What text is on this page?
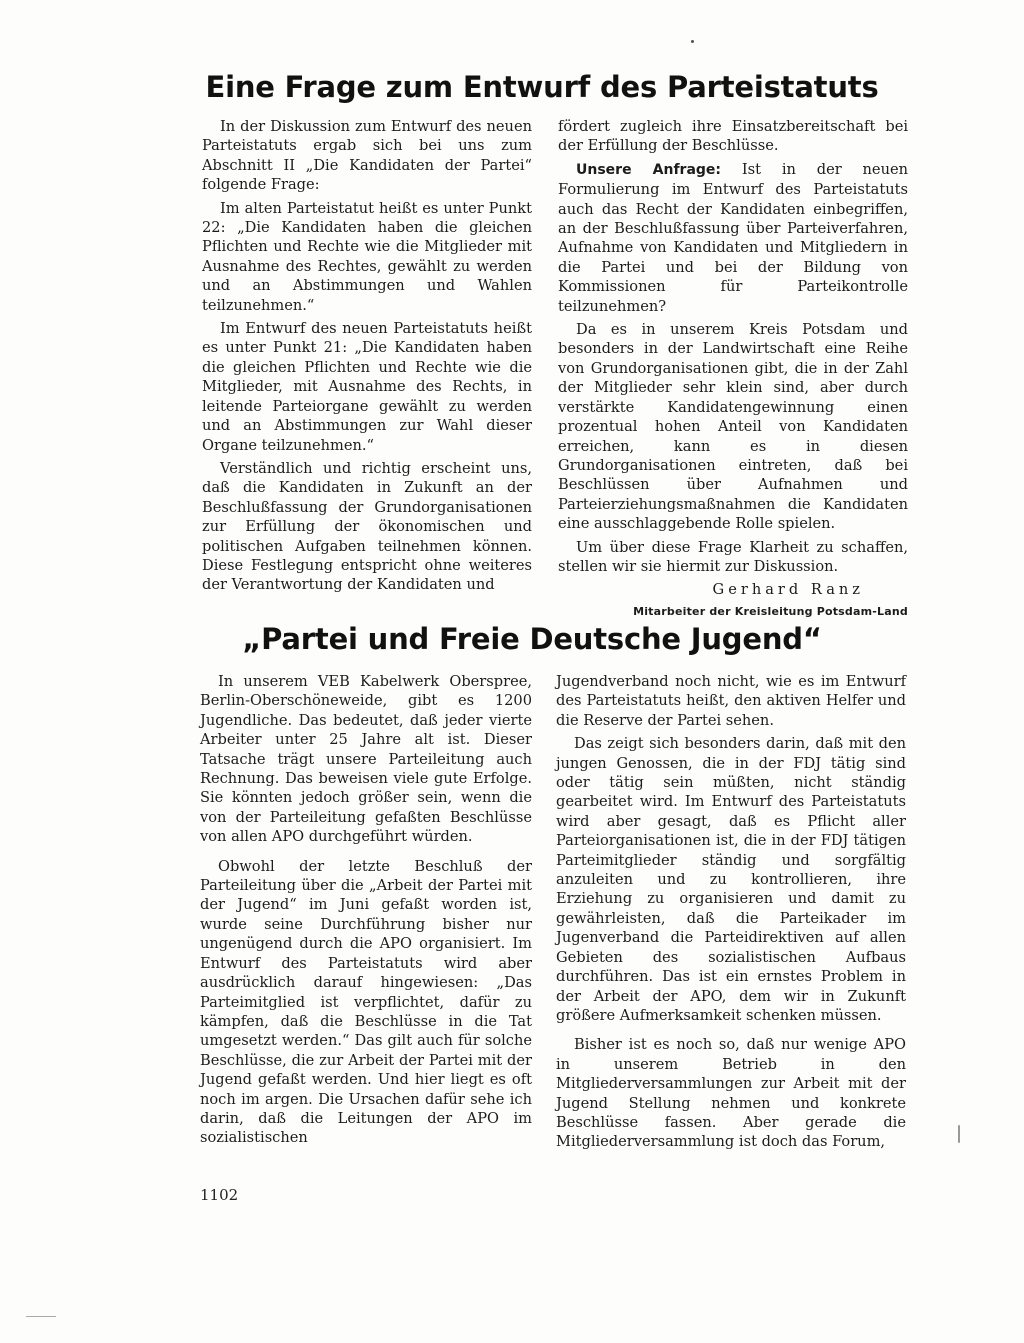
Eine Frage zum Entwurf des Parteistatuts

In der Diskussion zum Entwurf des neuen Parteistatuts ergab sich bei uns zum Abschnitt II „Die Kandidaten der Partei“ folgende Frage:

Im alten Parteistatut heißt es unter Punkt 22: „Die Kandidaten haben die gleichen Pflichten und Rechte wie die Mitglieder mit Ausnahme des Rechtes, gewählt zu werden und an Abstimmungen und Wahlen teilzunehmen.“

Im Entwurf des neuen Parteistatuts heißt es unter Punkt 21: „Die Kandidaten haben die gleichen Pflichten und Rechte wie die Mitglieder, mit Ausnahme des Rechts, in leitende Parteiorgane gewählt zu werden und an Abstimmungen zur Wahl dieser Organe teilzunehmen.“

Verständlich und richtig erscheint uns, daß die Kandidaten in Zukunft an der Beschlußfassung der Grundorganisationen zur Erfüllung der ökonomischen und politischen Aufgaben teilnehmen können. Diese Festlegung entspricht ohne weiteres der Verantwortung der Kandidaten und

fördert zugleich ihre Einsatzbereitschaft bei der Erfüllung der Beschlüsse.

Unsere Anfrage: Ist in der neuen Formulierung im Entwurf des Parteistatuts auch das Recht der Kandidaten einbegriffen, an der Beschlußfassung über Parteiverfahren, Aufnahme von Kandidaten und Mitgliedern in die Partei und bei der Bildung von Kommissionen für Parteikontrolle teilzunehmen?

Da es in unserem Kreis Potsdam und besonders in der Landwirtschaft eine Reihe von Grundorganisationen gibt, die in der Zahl der Mitglieder sehr klein sind, aber durch verstärkte Kandidatengewinnung einen prozentual hohen Anteil von Kandidaten erreichen, kann es in diesen Grundorganisationen eintreten, daß bei Beschlüssen über Aufnahmen und Parteierziehungsmaßnahmen die Kandidaten eine ausschlaggebende Rolle spielen.

Um über diese Frage Klarheit zu schaffen, stellen wir sie hiermit zur Diskussion.

Gerhard Ranz
Mitarbeiter der Kreisleitung Potsdam-Land
„Partei und Freie Deutsche Jugend“

In unserem VEB Kabelwerk Oberspree, Berlin-Oberschöneweide, gibt es 1200 Jugendliche. Das bedeutet, daß jeder vierte Arbeiter unter 25 Jahre alt ist. Dieser Tatsache trägt unsere Parteileitung auch Rechnung. Das beweisen viele gute Erfolge. Sie könnten jedoch größer sein, wenn die von der Parteileitung gefaßten Beschlüsse von allen APO durchgeführt würden.

Obwohl der letzte Beschluß der Parteileitung über die „Arbeit der Partei mit der Jugend“ im Juni gefaßt worden ist, wurde seine Durchführung bisher nur ungenügend durch die APO organisiert. Im Entwurf des Parteistatuts wird aber ausdrücklich darauf hingewiesen: „Das Parteimitglied ist verpflichtet, dafür zu kämpfen, daß die Beschlüsse in die Tat umgesetzt werden.“ Das gilt auch für solche Beschlüsse, die zur Arbeit der Partei mit der Jugend gefaßt werden. Und hier liegt es oft noch im argen. Die Ursachen dafür sehe ich darin, daß die Leitungen der APO im sozialistischen

Jugendverband noch nicht, wie es im Entwurf des Parteistatuts heißt, den aktiven Helfer und die Reserve der Partei sehen.

Das zeigt sich besonders darin, daß mit den jungen Genossen, die in der FDJ tätig sind oder tätig sein müßten, nicht ständig gearbeitet wird. Im Entwurf des Parteistatuts wird aber gesagt, daß es Pflicht aller Parteiorganisationen ist, die in der FDJ tätigen Parteimitglieder ständig und sorgfältig anzuleiten und zu kontrollieren, ihre Erziehung zu organisieren und damit zu gewährleisten, daß die Parteikader im Jugenverband die Parteidirektiven auf allen Gebieten des sozialistischen Aufbaus durchführen. Das ist ein ernstes Problem in der Arbeit der APO, dem wir in Zukunft größere Aufmerksamkeit schenken müssen.

Bisher ist es noch so, daß nur wenige APO in unserem Betrieb in den Mitgliederversammlungen zur Arbeit mit der Jugend Stellung nehmen und konkrete Beschlüsse fassen. Aber gerade die Mitgliederversammlung ist doch das Forum,

1102
